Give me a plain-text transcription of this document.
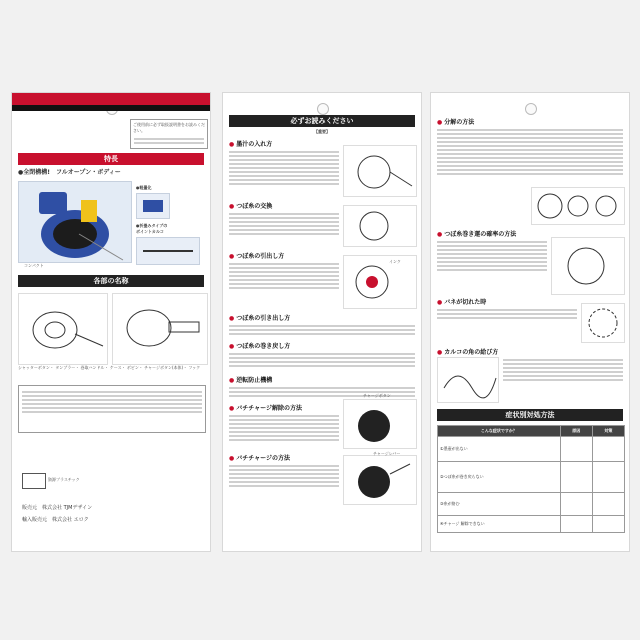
ご使用前に必ず取扱説明書をお読みください。
特長
●全閉構構!　フルオープン・ボディー
コンパクト
●軽量化
●折畳みタイプの
ボイントカルコ
各部の名称
シャッターボタン・ タンブラー・ 巻取ハンドル・ ケース・ ボビン・ チャージボタン(本体)・ フック
資源プラスチック
販売元　株式会社 TJMデザイン
輸入販売元　株式会社 エロク
必ずお読みください
【重要】
● 墨汁の入れ方
● つぼ糸の交換
● つぼ糸の引出し方
インク
● つぼ糸の引き出し方
● つぼ糸の巻き戻し方
● 逆転防止機構
● バチチャージ解除の方法
チャージボタン
● バチチャージの方法
チャージレバー
● 分解の方法
● つぼ糸巻き運の確率の方法
● バネが切れた時
● カルコの角の給び方
症状別対処方法
こんな症状ですか？	原因	対策
①墨壺が出ない		
②つぼ糸が巻き戻らない		
③糸が絡む		
④チャージ 解除できない		
